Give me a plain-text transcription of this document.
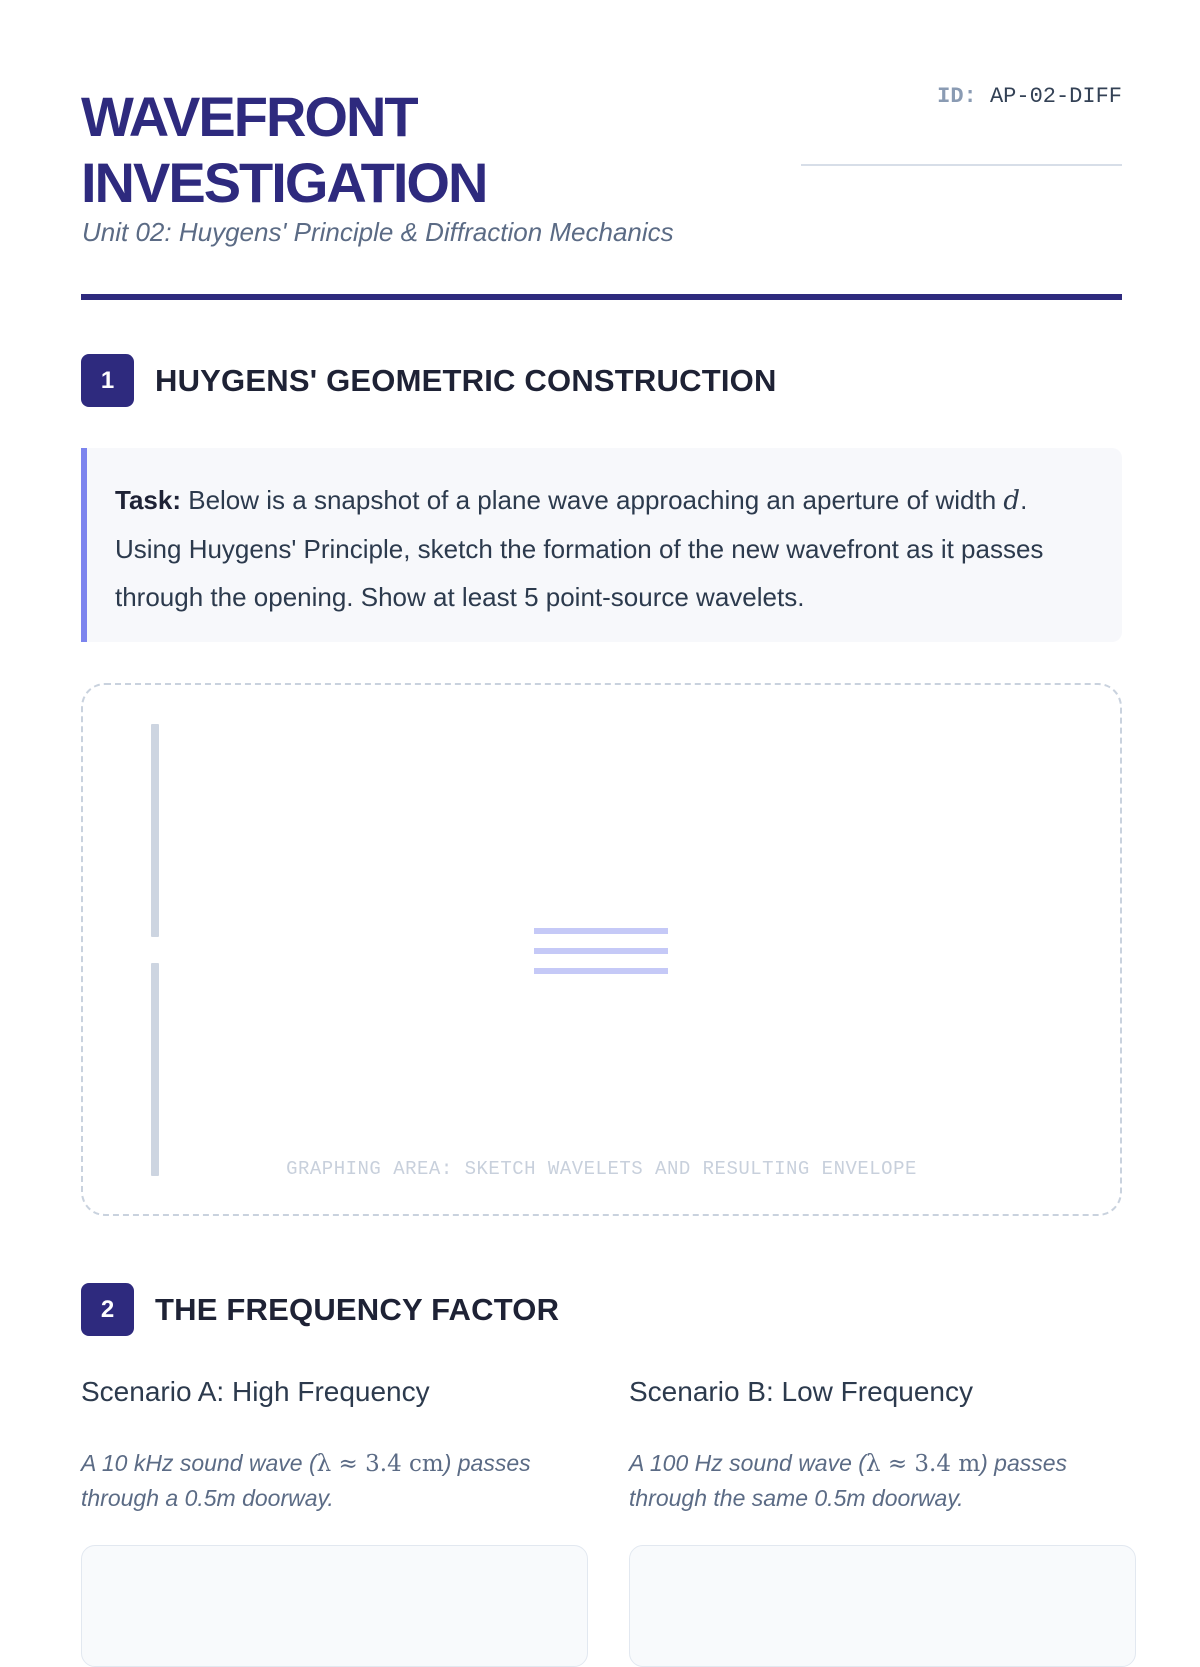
WAVEFRONT
INVESTIGATION
Unit 02: Huygens' Principle & Diffraction Mechanics
ID: AP-02-DIFF
1	HUYGENS' GEOMETRIC CONSTRUCTION
Task: Below is a snapshot of a plane wave approaching an aperture of width d. Using Huygens' Principle, sketch the formation of the new wavefront as it passes through the opening. Show at least 5 point-source wavelets.
GRAPHING AREA: SKETCH WAVELETS AND RESULTING ENVELOPE
2	THE FREQUENCY FACTOR
Scenario A: High Frequency

A 10 kHz sound wave (λ ≈ 3.4 cm) passes through a 0.5m doorway.

Scenario B: Low Frequency

A 100 Hz sound wave (λ ≈ 3.4 m) passes through the same 0.5m doorway.
